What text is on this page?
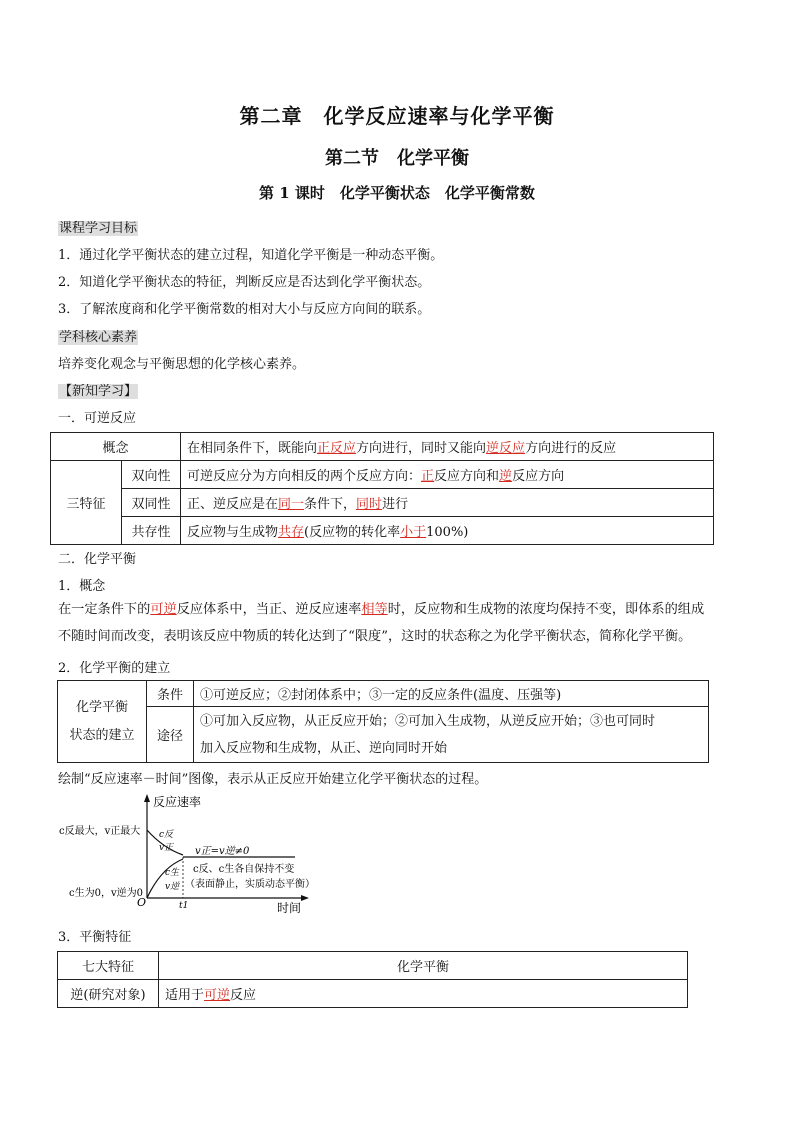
第二章　化学反应速率与化学平衡
第二节　化学平衡
第 1 课时　化学平衡状态　化学平衡常数
课程学习目标
1．通过化学平衡状态的建立过程，知道化学平衡是一种动态平衡。
2．知道化学平衡状态的特征，判断反应是否达到化学平衡状态。
3．了解浓度商和化学平衡常数的相对大小与反应方向间的联系。
学科核心素养
培养变化观念与平衡思想的化学核心素养。
【新知学习】
一．可逆反应
概念		在相同条件下，既能向正反应方向进行，同时又能向逆反应方向进行的反应
三特征	双向性	可逆反应分为方向相反的两个反应方向：正反应方向和逆反应方向
	双同性	正、逆反应是在同一条件下，同时进行
	共存性	反应物与生成物共存(反应物的转化率小于100%)
二．化学平衡
1．概念
在一定条件下的可逆反应体系中，当正、逆反应速率相等时，反应物和生成物的浓度均保持不变，即体系的组成
不随时间而改变，表明该反应中物质的转化达到了“限度”，这时的状态称之为化学平衡状态，简称化学平衡。
2．化学平衡的建立
化学平衡
状态的建立	条件	①可逆反应；②封闭体系中；③一定的反应条件(温度、压强等)
	途径	①可加入反应物，从正反应开始；②可加入生成物，从逆反应开始；③也可同时
加入反应物和生成物，从正、逆向同时开始
绘制“反应速率－时间”图像，表示从正反应开始建立化学平衡状态的过程。
反应速率
时间
O
c反最大，v正最大
c生为0，v逆为0
c反
v正
c生
v逆
v正=v逆≠0
c反、c生各自保持不变
（表面静止，实质动态平衡）
t1
3．平衡特征
七大特征	化学平衡
逆(研究对象)	适用于可逆反应
